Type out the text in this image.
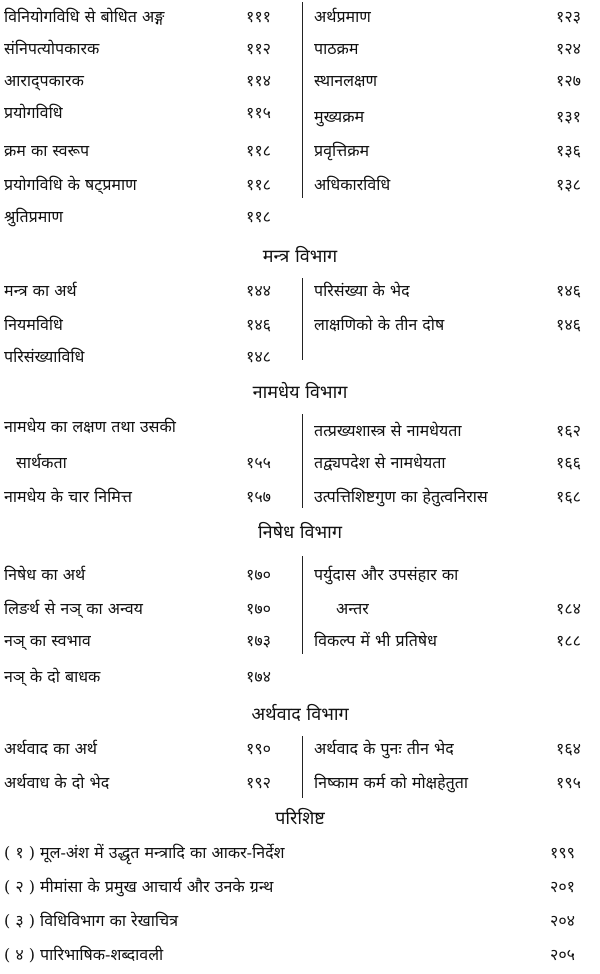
विनियोगविधि से बोधित अङ्ग	१११
संनिपत्योपकारक	११२
आराद्‌पकारक	११४
प्रयोगविधि	११५
क्रम का स्वरूप	११८
प्रयोगविधि के षट्प्रमाण	११८
श्रुतिप्रमाण	११८
अर्थप्रमाण	१२३
पाठक्रम	१२४
स्थानलक्षण	१२७
मुख्यक्रम	१३१
प्रवृत्तिक्रम	१३६
अधिकारविधि	१३८
मन्त्र विभाग
मन्त्र का अर्थ	१४४
नियमविधि	१४६
परिसंख्याविधि	१४८
परिसंख्या के भेद	१४६
लाक्षणिको के तीन दोष	१४६
नामधेय विभाग
नामधेय का लक्षण तथा उसकी
सार्थकता	१५५
नामधेय के चार निमित्त	१५७
तत्प्रख्यशास्त्र से नामधेयता	१६२
तद्व्यपदेश से नामधेयता	१६६
उत्पत्तिशिष्टगुण का हेतुत्वनिरास	१६८
निषेध विभाग
निषेध का अर्थ	१७०
लिङर्थ से नञ् का अन्वय	१७०
नञ् का स्वभाव	१७३
नञ् के दो बाधक	१७४
पर्युदास और उपसंहार का
अन्तर	१८४
विकल्प में भी प्रतिषेध	१८८
अर्थवाद विभाग
अर्थवाद का अर्थ	१९०
अर्थवाध के दो भेद	१९२
अर्थवाद के पुनः तीन भेद	१६४
निष्काम कर्म को मोक्षहेतुता	१९५
परिशिष्ट
( १ ) मूल-अंश में उद्धृत मन्त्रादि का आकर-निर्देश	१९९
( २ ) मीमांसा के प्रमुख आचार्य और उनके ग्रन्थ	२०१
( ३ ) विधिविभाग का रेखाचित्र	२०४
( ४ ) पारिभाषिक-शब्दावली	२०५
